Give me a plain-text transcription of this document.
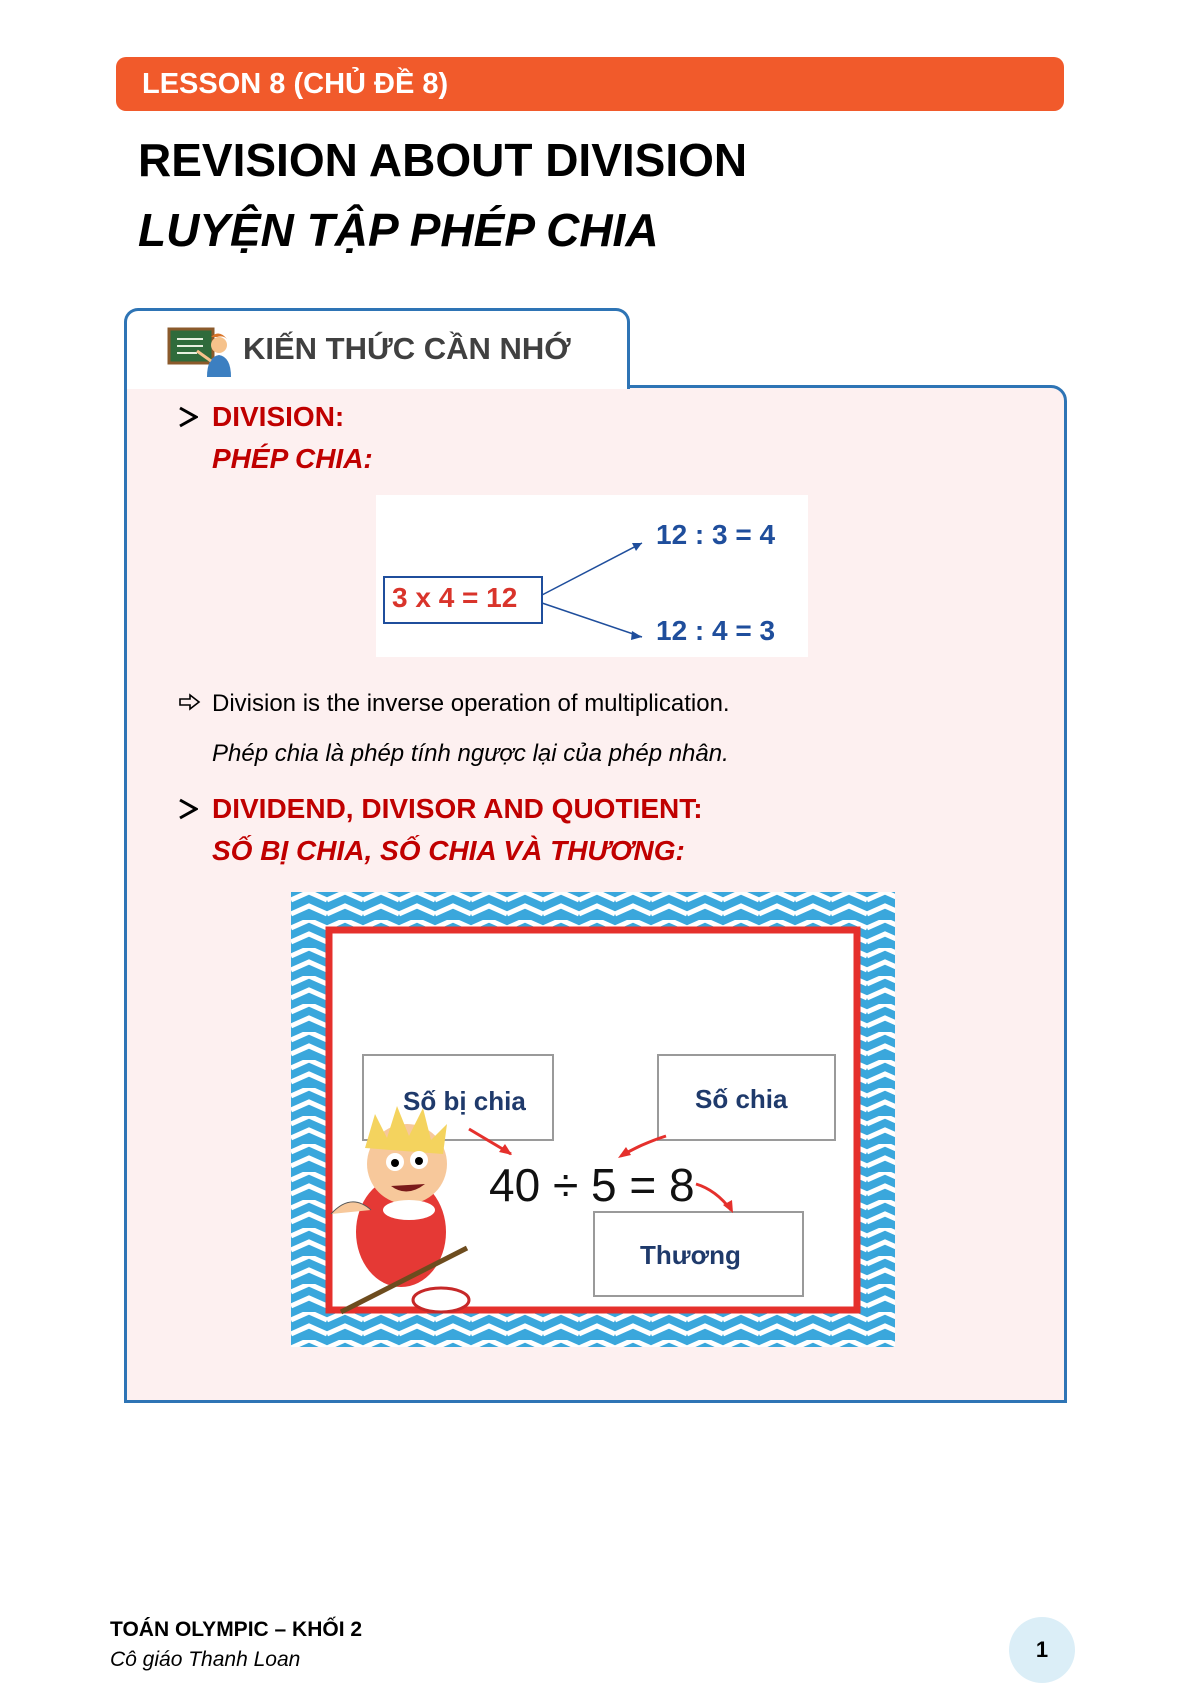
LESSON 8 (CHỦ ĐỀ 8)
REVISION ABOUT DIVISION
LUYỆN TẬP PHÉP CHIA
KIẾN THỨC CẦN NHỚ
DIVISION:
PHÉP CHIA:
3 x 4 = 12
12 : 3 = 4
12 : 4 = 3
Division is the inverse operation of multiplication.
Phép chia là phép tính ngược lại của phép nhân.
DIVIDEND, DIVISOR AND QUOTIENT:
SỐ BỊ CHIA, SỐ CHIA VÀ THƯƠNG:
Số bị chia	Số chia
Thương
40 ÷ 5 = 8
TOÁN OLYMPIC – KHỐI 2
Cô giáo Thanh Loan	1
